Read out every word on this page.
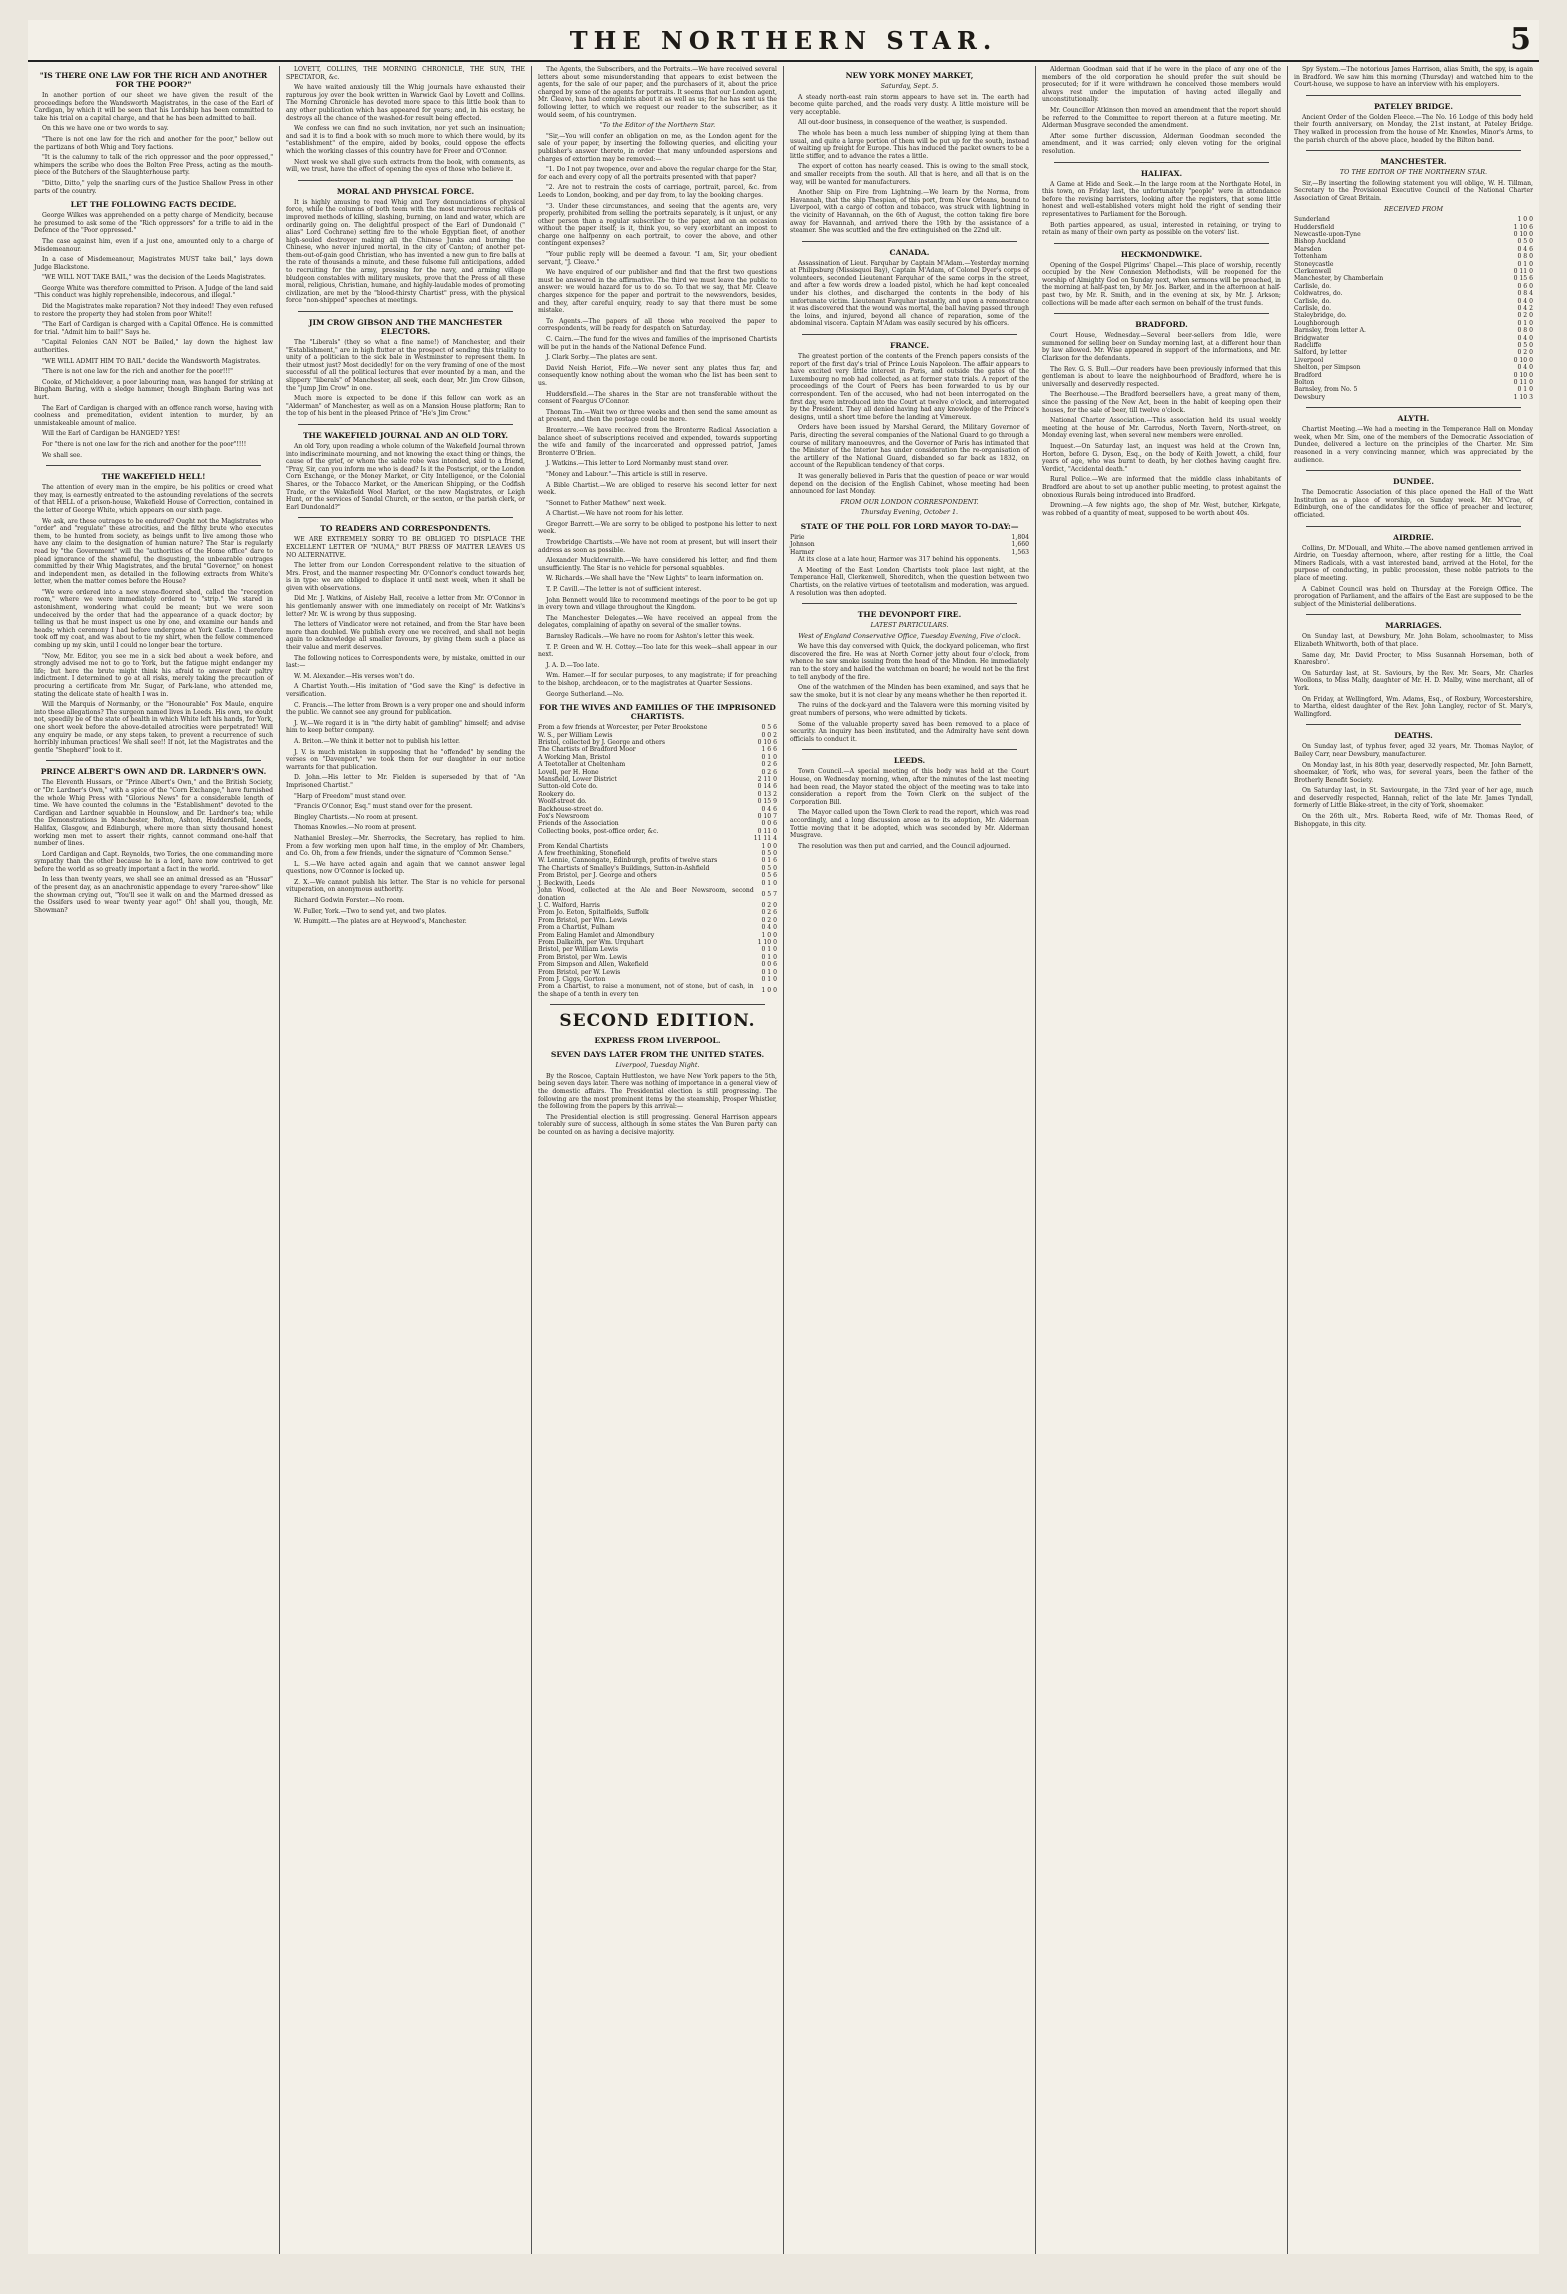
THE NORTHERN STAR.	5
"IS THERE ONE LAW FOR THE RICH AND ANOTHER FOR THE POOR?"

In another portion of our sheet we have given the result of the proceedings before the Wandsworth Magistrates, in the case of the Earl of Cardigan, by which it will be seen that his Lordship has been committed to take his trial on a capital charge, and that he has been admitted to bail.

On this we have one or two words to say.

"There is not one law for the rich and another for the poor," bellow out the partizans of both Whig and Tory factions.

"It is the calumny to talk of the rich oppressor and the poor oppressed," whimpers the scribe who does the Bolton Free Press, acting as the mouth-piece of the Butchers of the Slaughterhouse party.

"Ditto, Ditto," yelp the snarling curs of the Justice Shallow Press in other parts of the country.

LET THE FOLLOWING FACTS DECIDE.

George Wilkes was apprehended on a petty charge of Mendicity, because he presumed to ask some of the "Rich oppressors" for a trifle to aid in the Defence of the "Poor oppressed."

The case against him, even if a just one, amounted only to a charge of Misdemeanour.

In a case of Misdemeanour, Magistrates MUST take bail," lays down Judge Blackstone.

"WE WILL NOT TAKE BAIL," was the decision of the Leeds Magistrates.

George White was therefore committed to Prison. A Judge of the land said "This conduct was highly reprehensible, indecorous, and illegal."

Did the Magistrates make reparation? Not they indeed! They even refused to restore the property they had stolen from poor White!!

"The Earl of Cardigan is charged with a Capital Offence. He is committed for trial. "Admit him to bail!" Says he.

"Capital Felonies CAN NOT be Bailed," lay down the highest law authorities.

"WE WILL ADMIT HIM TO BAIL" decide the Wandsworth Magistrates.

"There is not one law for the rich and another for the poor!!!"

Cooke, of Micheldever, a poor labouring man, was hanged for striking at Bingham Baring, with a sledge hammer, though Bingham Baring was not hurt.

The Earl of Cardigan is charged with an offence ranch worse, having with coolness and premeditation, evident intention to murder, by an unmistakeable amount of malice.

Will the Earl of Cardigan be HANGED? YES!

For "there is not one law for the rich and another for the poor"!!!!

We shall see.

THE WAKEFIELD HELL!

The attention of every man in the empire, be his politics or creed what they may, is earnestly entreated to the astounding revelations of the secrets of that HELL of a prison-house, Wakefield House of Correction, contained in the letter of George White, which appears on our sixth page.

We ask, are these outrages to be endured? Ought not the Magistrates who "order" and "regulate" these atrocities, and the filthy brute who executes them, to be hunted from society, as beings unfit to live among those who have any claim to the designation of human nature? The Star is regularly read by "the Government" will the "authorities of the Home office" dare to plead ignorance of the shameful, the disgusting, the unbearable outrages committed by their Whig Magistrates, and the brutal "Governor," on honest and independent men, as detailed in the following extracts from White's letter, when the matter comes before the House?

"We were ordered into a new stone-floored shed, called the "reception room," where we were immediately ordered to "strip." We stared in astonishment, wondering what could be meant; but we were soon undeceived by the order that had the appearance of a quack doctor; by telling us that he must inspect us one by one, and examine our hands and heads; which ceremony I had before undergone at York Castle. I therefore took off my coat, and was about to tie my shirt, when the fellow commenced combing up my skin, until I could no longer bear the torture.

"Now, Mr. Editor, you see me in a sick bed about a week before, and strongly advised me not to go to York, but the fatigue might endanger my life; but here the brute might think his afraid to answer their paltry indictment. I determined to go at all risks, merely taking the precaution of procuring a certificate from Mr. Sugar, of Park-lane, who attended me, stating the delicate state of health I was in.

Will the Marquis of Normanby, or the "Honourable" Fox Maule, enquire into these allegations? The surgeon named lives in Leeds. His own, we doubt not, speedily be of the state of health in which White left his hands, for York, one short week before the above-detailed atrocities were perpetrated! Will any enquiry be made, or any steps taken, to prevent a recurrence of such horribly inhuman practices! We shall see!! If not, let the Magistrates and the gentle "Shepherd" look to it.

PRINCE ALBERT'S OWN AND DR. LARDNER'S OWN.

The Eleventh Hussars, or "Prince Albert's Own," and the British Society, or "Dr. Lardner's Own," with a spice of the "Corn Exchange," have furnished the whole Whig Press with "Glorious News" for a considerable length of time. We have counted the columns in the "Establishment" devoted to the Cardigan and Lardner squabble in Hounslow, and Dr. Lardner's tea; while the Demonstrations in Manchester, Bolton, Ashton, Huddersfield, Leeds, Halifax, Glasgow, and Edinburgh, where more than sixty thousand honest working men met to assert their rights, cannot command one-half that number of lines.

Lord Cardigan and Capt. Reynolds, two Tories, the one commanding more sympathy than the other because he is a lord, have now contrived to get before the world as so greatly important a fact in the world.

In less than twenty years, we shall see an animal dressed as an "Hussar" of the present day, as an anachronistic appendage to every "raree-show" like the showman crying out, "You'll see it walk on and the Marmed dressed as the Ossifers used to wear twenty year ago!" Oh! shall you, though, Mr. Showman?

LOVETT, COLLINS, THE MORNING CHRONICLE, THE SUN, THE SPECTATOR, &c.

We have waited anxiously till the Whig journals have exhausted their rapturous joy over the book written in Warwick Gaol by Lovett and Collins. The Morning Chronicle has devoted more space to this little book than to any other publication which has appeared for years; and, in his ecstasy, he destroys all the chance of the washed-for result being effected.

We confess we can find no such invitation, nor yet such an insinuation; and sad it is to find a book with so much more to which there would, by its "establishment" of the empire, aided by books, could oppose the effects which the working classes of this country have for Freer and O'Connor.

Next week we shall give such extracts from the book, with comments, as will, we trust, have the effect of opening the eyes of those who believe it.

MORAL AND PHYSICAL FORCE.

It is highly amusing to read Whig and Tory denunciations of physical force, while the columns of both teem with the most murderous recitals of improved methods of killing, slashing, burning, on land and water, which are ordinarily going on. The delightful prospect of the Earl of Dundonald (" alias" Lord Cochrane) setting fire to the whole Egyptian fleet, of another high-souled destroyer making all the Chinese Junks and burning the Chinese, who never injured mortal, in the city of Canton; of another pet-them-out-of-gain good Christian, who has invented a new gun to fire balls at the rate of thousands a minute, and these fulsome full anticipations, added to recruiting for the army, pressing for the navy, and arming village bludgeon constables with military muskets, prove that the Press of all these moral, religious, Christian, humane, and highly-laudable modes of promoting civilization, are met by the "blood-thirsty Chartist" press, with the physical force "non-shipped" speeches at meetings.

JIM CROW GIBSON AND THE MANCHESTER ELECTORS.

The "Liberals" (they so what a fine name!) of Manchester, and their "Establishment," are in high flutter at the prospect of sending this triality to unity of a politician to the sick bale in Westminster to represent them. In their utmost just? Most decidedly! for on the very framing of one of the most successful of all the political lectures that ever mounted by a man, and the slippery "liberals" of Manchester, all seek, each dear, Mr. Jim Crow Gibson, the "jump Jim Crow" in one.

Much more is expected to be done if this fellow can work as an "Alderman" of Manchester, as well as on a Mansion House platform; Ran to the top of his bent in the pleased Prince of "He's Jim Crow."

THE WAKEFIELD JOURNAL AND AN OLD TORY.

An old Tory, upon reading a whole column of the Wakefield Journal thrown into indiscriminate mourning, and not knowing the exact thing or things, the cause of the grief, or whom the sable robe was intended, said to a friend, "Pray, Sir, can you inform me who is dead? Is it the Postscript, or the London Corn Exchange, or the Money Market, or City Intelligence, or the Colonial Shares, or the Tobacco Market, or the American Shipping, or the Codfish Trade, or the Wakefield Wool Market, or the new Magistrates, or Leigh Hunt, or the services of Sandal Church, or the sexton, or the parish clerk, or Earl Dundonald?"

TO READERS AND CORRESPONDENTS.

WE ARE EXTREMELY SORRY TO BE OBLIGED TO DISPLACE THE EXCELLENT LETTER OF "NUMA," BUT PRESS OF MATTER LEAVES US NO ALTERNATIVE.

The letter from our London Correspondent relative to the situation of Mrs. Frost, and the manner respecting Mr. O'Connor's conduct towards her, is in type: we are obliged to displace it until next week, when it shall be given with observations.

Did Mr. J. Watkins, of Aisleby Hall, receive a letter from Mr. O'Connor in his gentlemanly answer with one immediately on receipt of Mr. Watkins's letter? Mr. W. is wrong by thus supposing.

The letters of Vindicator were not retained, and from the Star have been more than doubled. We publish every one we received, and shall not begin again to acknowledge all smaller favours, by giving them such a place as their value and merit deserves.

The following notices to Correspondents were, by mistake, omitted in our last:—

W. M. Alexander.—His verses won't do.

A Chartist Youth.—His imitation of "God save the King" is defective in versification.

C. Francis.—The letter from Brown is a very proper one and should inform the public. We cannot see any ground for publication.

J. W.—We regard it is in "the dirty habit of gambling" himself; and advise him to keep better company.

A. Briton.—We think it better not to publish his letter.

J. V. is much mistaken in supposing that he "offended" by sending the verses on "Davenport," we took them for our daughter in our notice warrants for that publication.

D. John.—His letter to Mr. Fielden is superseded by that of "An Imprisoned Chartist."

"Harp of Freedom" must stand over.

"Francis O'Connor, Esq." must stand over for the present.

Bingley Chartists.—No room at present.

Thomas Knowles.—No room at present.

Nathaniel Bresley.—Mr. Sherrocks, the Secretary, has replied to him. From a few working men upon half time, in the employ of Mr. Chambers, and Co. Oh, from a few friends, under the signature of "Common Sense."

L. S.—We have acted again and again that we cannot answer legal questions, now O'Connor is locked up.

Z. X.—We cannot publish his letter. The Star is no vehicle for personal vituperation, on anonymous authority.

Richard Godwin Forster.—No room.

W. Fuller, York.—Two to send yet, and two plates.

W. Humpitt.—The plates are at Heywood's, Manchester.

The Agents, the Subscribers, and the Portraits.—We have received several letters about some misunderstanding that appears to exist between the agents, for the sale of our paper, and the purchasers of it, about the price charged by some of the agents for portraits. It seems that our London agent, Mr. Cleave, has had complaints about it as well as us; for he has sent us the following letter, to which we request our reader to the subscriber, as it would seem, of his countrymen.

"To the Editor of the Northern Star.

"Sir,—You will confer an obligation on me, as the London agent for the sale of your paper, by inserting the following queries, and eliciting your publisher's answer thereto, in order that many unfounded aspersions and charges of extortion may be removed:—

"1. Do I not pay twopence, over and above the regular charge for the Star, for each and every copy of all the portraits presented with that paper?

"2. Are not to restrain the costs of carriage, portrait, parcel, &c. from Leeds to London, booking, and per day from, to lay the booking charges.

"3. Under these circumstances, and seeing that the agents are, very properly, prohibited from selling the portraits separately, is it unjust, or any other person than a regular subscriber to the paper, and on an occasion without the paper itself; is it, think you, so very exorbitant an impost to charge one halfpenny on each portrait, to cover the above, and other contingent expenses?

"Your public reply will be deemed a favour. "I am, Sir, your obedient servant, "J. Cleave."

We have enquired of our publisher and find that the first two questions must be answered in the affirmative. The third we must leave the public to answer: we would hazard for us to do so. To that we say, that Mr. Cleave charges sixpence for the paper and portrait to the newsvendors, besides, and they, after careful enquiry, ready to say that there must be some mistake.

To Agents.—The papers of all those who received the paper to correspondents, will be ready for despatch on Saturday.

C. Cairn.—The fund for the wives and families of the imprisoned Chartists will be put in the hands of the National Defence Fund.

J. Clark Sorby.—The plates are sent.

David Neish Heriot, Fife.—We never sent any plates thus far, and consequently know nothing about the woman who the list has been sent to us.

Huddersfield.—The shares in the Star are not transferable without the consent of Feargus O'Connor.

Thomas Tin.—Wait two or three weeks and then send the same amount as at present, and then the postage could be more.

Bronterre.—We have received from the Bronterre Radical Association a balance sheet of subscriptions received and expended, towards supporting the wife and family of the incarcerated and oppressed patriot, James Bronterre O'Brien.

J. Watkins.—This letter to Lord Normanby must stand over.

"Money and Labour."—This article is still in reserve.

A Bible Chartist.—We are obliged to reserve his second letter for next week.

"Sonnet to Father Mathew" next week.

A Chartist.—We have not room for his letter.

Gregor Barrett.—We are sorry to be obliged to postpone his letter to next week.

Trowbridge Chartists.—We have not room at present, but will insert their address as soon as possible.

Alexander Mucklewraith.—We have considered his letter, and find them unsufficiently. The Star is no vehicle for personal squabbles.

W. Richards.—We shall have the "New Lights" to learn information on.

T. P. Cavill.—The letter is not of sufficient interest.

John Bennett would like to recommend meetings of the poor to be got up in every town and village throughout the Kingdom.

The Manchester Delegates.—We have received an appeal from the delegates, complaining of apathy on several of the smaller towns.

Barnsley Radicals.—We have no room for Ashton's letter this week.

T. P. Green and W. H. Cottey.—Too late for this week—shall appear in our next.

J. A. D.—Too late.

Wm. Hamer.—If for secular purposes, to any magistrate; if for preaching to the bishop, archdeacon, or to the magistrates at Quarter Sessions.

George Sutherland.—No.

FOR THE WIVES AND FAMILIES OF THE IMPRISONED CHARTISTS.
From a few friends at Worcester, per Peter Brookstone	0 5 6
W. S., per William Lewis	0 0 2
Bristol, collected by J. George and others	0 10 6
The Chartists of Bradford Moor	1 6 6
A Working Man, Bristol	0 1 0
A Teetotaller at Cheltenham	0 2 6
Lovell, per H. Hone	0 2 6
Mansfield, Lower District	2 11 0
Sutton-old Cote do.	0 14 6
Rookery do.	0 13 2
Woolf-street do.	0 15 9
Backhouse-street do.	0 4 6
Fox's Newsroom	0 10 7
Friends of the Association	0 0 6
Collecting books, post-office order, &c.	0 11 0
	11 11 4
From Kendal Chartists	1 0 0
A few freethinking, Stonefield	0 5 0
W. Lennie, Cannongate, Edinburgh, profits of twelve stars	0 1 6
The Chartists of Smalley's Buildings, Sutton-in-Ashfield	0 5 0
From Bristol, per J. George and others	0 5 6
J. Beckwith, Leeds	0 1 0
John Wood, collected at the Ale and Beer Newsroom, second donation	0 5 7
J. C. Walford, Harris	0 2 0
From Jo. Eeton, Spitalfields, Suffolk	0 2 6
From Bristol, per Wm. Lewis	0 2 0
From a Chartist, Fulham	0 4 0
From Ealing Hamlet and Almondbury	1 0 0
From Dalkeith, per Wm. Urquhart	1 10 0
Bristol, per William Lewis	0 1 0
From Bristol, per Wm. Lewis	0 1 0
From Simpson and Allen, Wakefield	0 0 6
From Bristol, per W. Lewis	0 1 0
From J. Ciggs, Gorton	0 1 0
From a Chartist, to raise a monument, not of stone, but of cash, in the shape of a tenth in every ten	1 0 0
SECOND EDITION.
EXPRESS FROM LIVERPOOL.
SEVEN DAYS LATER FROM THE UNITED STATES.
Liverpool, Tuesday Night.

By the Roscoe, Captain Huttleston, we have New York papers to the 5th, being seven days later. There was nothing of importance in a general view of the domestic affairs. The Presidential election is still progressing. The following are the most prominent items by the steamship, Prosper Whistler, the following from the papers by this arrival:—

The Presidential election is still progressing. General Harrison appears tolerably sure of success, although in some states the Van Buren party can be counted on as having a decisive majority.

NEW YORK MONEY MARKET,
Saturday, Sept. 5.

A steady north-east rain storm appears to have set in. The earth had become quite parched, and the roads very dusty. A little moisture will be very acceptable.

All out-door business, in consequence of the weather, is suspended.

The whole has been a much less number of shipping lying at them than usual, and quite a large portion of them will be put up for the south, instead of waiting up freight for Europe. This has induced the packet owners to be a little stiffer, and to advance the rates a little.

The export of cotton has nearly ceased. This is owing to the small stock, and smaller receipts from the south. All that is here, and all that is on the way, will be wanted for manufacturers.

Another Ship on Fire from Lightning.—We learn by the Norma, from Havannah, that the ship Thespian, of this port, from New Orleans, bound to Liverpool, with a cargo of cotton and tobacco, was struck with lightning in the vicinity of Havannah, on the 6th of August, the cotton taking fire bore away for Havannah, and arrived there the 19th by the assistance of a steamer. She was scuttled and the fire extinguished on the 22nd ult.

CANADA.

Assassination of Lieut. Farquhar by Captain M'Adam.—Yesterday morning at Philipsburg (Missisquoi Bay), Captain M'Adam, of Colonel Dyer's corps of volunteers, seconded Lieutenant Farquhar of the same corps in the street, and after a few words drew a loaded pistol, which he had kept concealed under his clothes, and discharged the contents in the body of his unfortunate victim. Lieutenant Farquhar instantly, and upon a remonstrance it was discovered that the wound was mortal, the ball having passed through the loins, and injured, beyond all chance of reparation, some of the abdominal viscera. Captain M'Adam was easily secured by his officers.

FRANCE.

The greatest portion of the contents of the French papers consists of the report of the first day's trial of Prince Louis Napoleon. The affair appears to have excited very little interest in Paris, and outside the gates of the Luxembourg no mob had collected, as at former state trials. A report of the proceedings of the Court of Peers has been forwarded to us by our correspondent. Ten of the accused, who had not been interrogated on the first day, were introduced into the Court at twelve o'clock, and interrogated by the President. They all denied having had any knowledge of the Prince's designs, until a short time before the landing at Vimereux.

Orders have been issued by Marshal Gerard, the Military Governor of Paris, directing the several companies of the National Guard to go through a course of military manoeuvres, and the Governor of Paris has intimated that the Minister of the Interior has under consideration the re-organisation of the artillery of the National Guard, disbanded so far back as 1832, on account of the Republican tendency of that corps.

It was generally believed in Paris that the question of peace or war would depend on the decision of the English Cabinet, whose meeting had been announced for last Monday.

FROM OUR LONDON CORRESPONDENT.
Thursday Evening, October 1.
STATE OF THE POLL FOR LORD MAYOR TO-DAY:—
Pirie	1,804
Johnson	1,660
Harmer	1,563

At its close at a late hour, Harmer was 317 behind his opponents.

A Meeting of the East London Chartists took place last night, at the Temperance Hall, Clerkenwell, Shoreditch, when the question between two Chartists, on the relative virtues of teetotalism and moderation, was argued. A resolution was then adopted.

THE DEVONPORT FIRE.
LATEST PARTICULARS.
West of England Conservative Office, Tuesday Evening, Five o'clock.

We have this day conversed with Quick, the dockyard policeman, who first discovered the fire. He was at North Corner jetty about four o'clock, from whence he saw smoke issuing from the head of the Minden. He immediately ran to the story and hailed the watchman on board; he would not be the first to tell anybody of the fire.

One of the watchmen of the Minden has been examined, and says that he saw the smoke, but it is not clear by any means whether he then reported it.

The ruins of the dock-yard and the Talavera were this morning visited by great numbers of persons, who were admitted by tickets.

Some of the valuable property saved has been removed to a place of security. An inquiry has been instituted, and the Admiralty have sent down officials to conduct it.

LEEDS.

Town Council.—A special meeting of this body was held at the Court House, on Wednesday morning, when, after the minutes of the last meeting had been read, the Mayor stated the object of the meeting was to take into consideration a report from the Town Clerk on the subject of the Corporation Bill.

The Mayor called upon the Town Clerk to read the report, which was read accordingly, and a long discussion arose as to its adoption, Mr. Alderman Tottie moving that it be adopted, which was seconded by Mr. Alderman Musgrave.

The resolution was then put and carried, and the Council adjourned.

Alderman Goodman said that if he were in the place of any one of the members of the old corporation he should prefer the suit should be prosecuted; for if it were withdrawn he conceived those members would always rest under the imputation of having acted illegally and unconstitutionally.

Mr. Councillor Atkinson then moved an amendment that the report should be referred to the Committee to report thereon at a future meeting. Mr. Alderman Musgrave seconded the amendment.

After some further discussion, Alderman Goodman seconded the amendment, and it was carried; only eleven voting for the original resolution.

HALIFAX.

A Game at Hide and Seek.—In the large room at the Northgate Hotel, in this town, on Friday last, the unfortunately "people" were in attendance before the revising barristers, looking after the registers, that some little honest and well-established voters might hold the right of sending their representatives to Parliament for the Borough.

Both parties appeared, as usual, interested in retaining, or trying to retain as many of their own party as possible on the voters' list.

HECKMONDWIKE.

Opening of the Gospel Pilgrims' Chapel.—This place of worship, recently occupied by the New Connexion Methodists, will be reopened for the worship of Almighty God on Sunday next, when sermons will be preached, in the morning at half-past ten, by Mr. Jos. Barker, and in the afternoon at half-past two, by Mr. R. Smith, and in the evening at six, by Mr. J. Arkson; collections will be made after each sermon on behalf of the trust funds.

BRADFORD.

Court House, Wednesday.—Several beer-sellers from Idle, were summoned for selling beer on Sunday morning last, at a different hour than by law allowed. Mr. Wise appeared in support of the informations, and Mr. Clarkson for the defendants.

The Rev. G. S. Bull.—Our readers have been previously informed that this gentleman is about to leave the neighbourhood of Bradford, where he is universally and deservedly respected.

The Beerhouse.—The Bradford beersellers have, a great many of them, since the passing of the New Act, been in the habit of keeping open their houses, for the sale of beer, till twelve o'clock.

National Charter Association.—This association held its usual weekly meeting at the house of Mr. Carrodus, North Tavern, North-street, on Monday evening last, when several new members were enrolled.

Inquest.—On Saturday last, an inquest was held at the Crown Inn, Horton, before G. Dyson, Esq., on the body of Keith Jowett, a child, four years of age, who was burnt to death, by her clothes having caught fire. Verdict, "Accidental death."

Rural Police.—We are informed that the middle class inhabitants of Bradford are about to set up another public meeting, to protest against the obnoxious Rurals being introduced into Bradford.

Drowning.—A few nights ago, the shop of Mr. West, butcher, Kirkgate, was robbed of a quantity of meat, supposed to be worth about 40s.

Spy System.—The notorious James Harrison, alias Smith, the spy, is again in Bradford. We saw him this morning (Thursday) and watched him to the Court-house, we suppose to have an interview with his employers.

PATELEY BRIDGE.

Ancient Order of the Golden Fleece.—The No. 16 Lodge of this body held their fourth anniversary, on Monday, the 21st instant, at Pateley Bridge. They walked in procession from the house of Mr. Knowles, Minor's Arms, to the parish church of the above place, headed by the Bilton band.

MANCHESTER.
TO THE EDITOR OF THE NORTHERN STAR.

Sir,—By inserting the following statement you will oblige, W. H. Tillman, Secretary to the Provisional Executive Council of the National Charter Association of Great Britain.

RECEIVED FROM
Sunderland	1 0 0
Huddersfield	1 10 6
Newcastle-upon-Tyne	0 10 0
Bishop Auckland	0 5 0
Marsden	0 4 6
Tottenham	0 8 0
Stoneycastle	0 1 0
Clerkenwell	0 11 0
Manchester, by Chamberlain	0 15 6
Carlisle, do.	0 6 0
Coldwatres, do.	0 8 4
Carlisle, do.	0 4 0
Carlisle, do.	0 4 2
Staleybridge, do.	0 2 0
Loughborough	0 1 0
Barnsley, from letter A.	0 8 0
Bridgwater	0 4 0
Radcliffe	0 5 0
Salford, by letter	0 2 0
Liverpool	0 10 0
Shelton, per Simpson	0 4 0
Bradford	0 10 0
Bolton	0 11 0
Barnsley, from No. 5	0 1 0
Dewsbury	1 10 3
ALYTH.

Chartist Meeting.—We had a meeting in the Temperance Hall on Monday week, when Mr. Sim, one of the members of the Democratic Association of Dundee, delivered a lecture on the principles of the Charter. Mr. Sim reasoned in a very convincing manner, which was appreciated by the audience.

DUNDEE.

The Democratic Association of this place opened the Hall of the Watt Institution as a place of worship, on Sunday week. Mr. M'Crae, of Edinburgh, one of the candidates for the office of preacher and lecturer, officiated.

AIRDRIE.

Collins, Dr. M'Douall, and White.—The above named gentlemen arrived in Airdrie, on Tuesday afternoon, where, after resting for a little, the Coal Miners Radicals, with a vast interested band, arrived at the Hotel, for the purpose of conducting, in public procession, these noble patriots to the place of meeting.

A Cabinet Council was held on Thursday at the Foreign Office. The prorogation of Parliament, and the affairs of the East are supposed to be the subject of the Ministerial deliberations.

MARRIAGES.

On Sunday last, at Dewsbury, Mr. John Bolam, schoolmaster, to Miss Elizabeth Whitworth, both of that place.

Same day, Mr. David Procter, to Miss Susannah Horseman, both of Knaresbro'.

On Saturday last, at St. Saviours, by the Rev. Mr. Sears, Mr. Charles Woollons, to Miss Mally, daughter of Mr. H. D. Malby, wine merchant, all of York.

On Friday, at Wellingford, Wm. Adams, Esq., of Roxbury, Worcestershire, to Martha, eldest daughter of the Rev. John Langley, rector of St. Mary's, Wallingford.

DEATHS.

On Sunday last, of typhus fever, aged 32 years, Mr. Thomas Naylor, of Bailey Carr, near Dewsbury, manufacturer.

On Monday last, in his 80th year, deservedly respected, Mr. John Barnett, shoemaker, of York, who was, for several years, been the father of the Brotherly Benefit Society.

On Saturday last, in St. Saviourgate, in the 73rd year of her age, much and deservedly respected, Hannah, relict of the late Mr. James Tyndall, formerly of Little Blake-street, in the city of York, shoemaker.

On the 26th ult., Mrs. Roberta Reed, wife of Mr. Thomas Reed, of Bishopgate, in this city.
